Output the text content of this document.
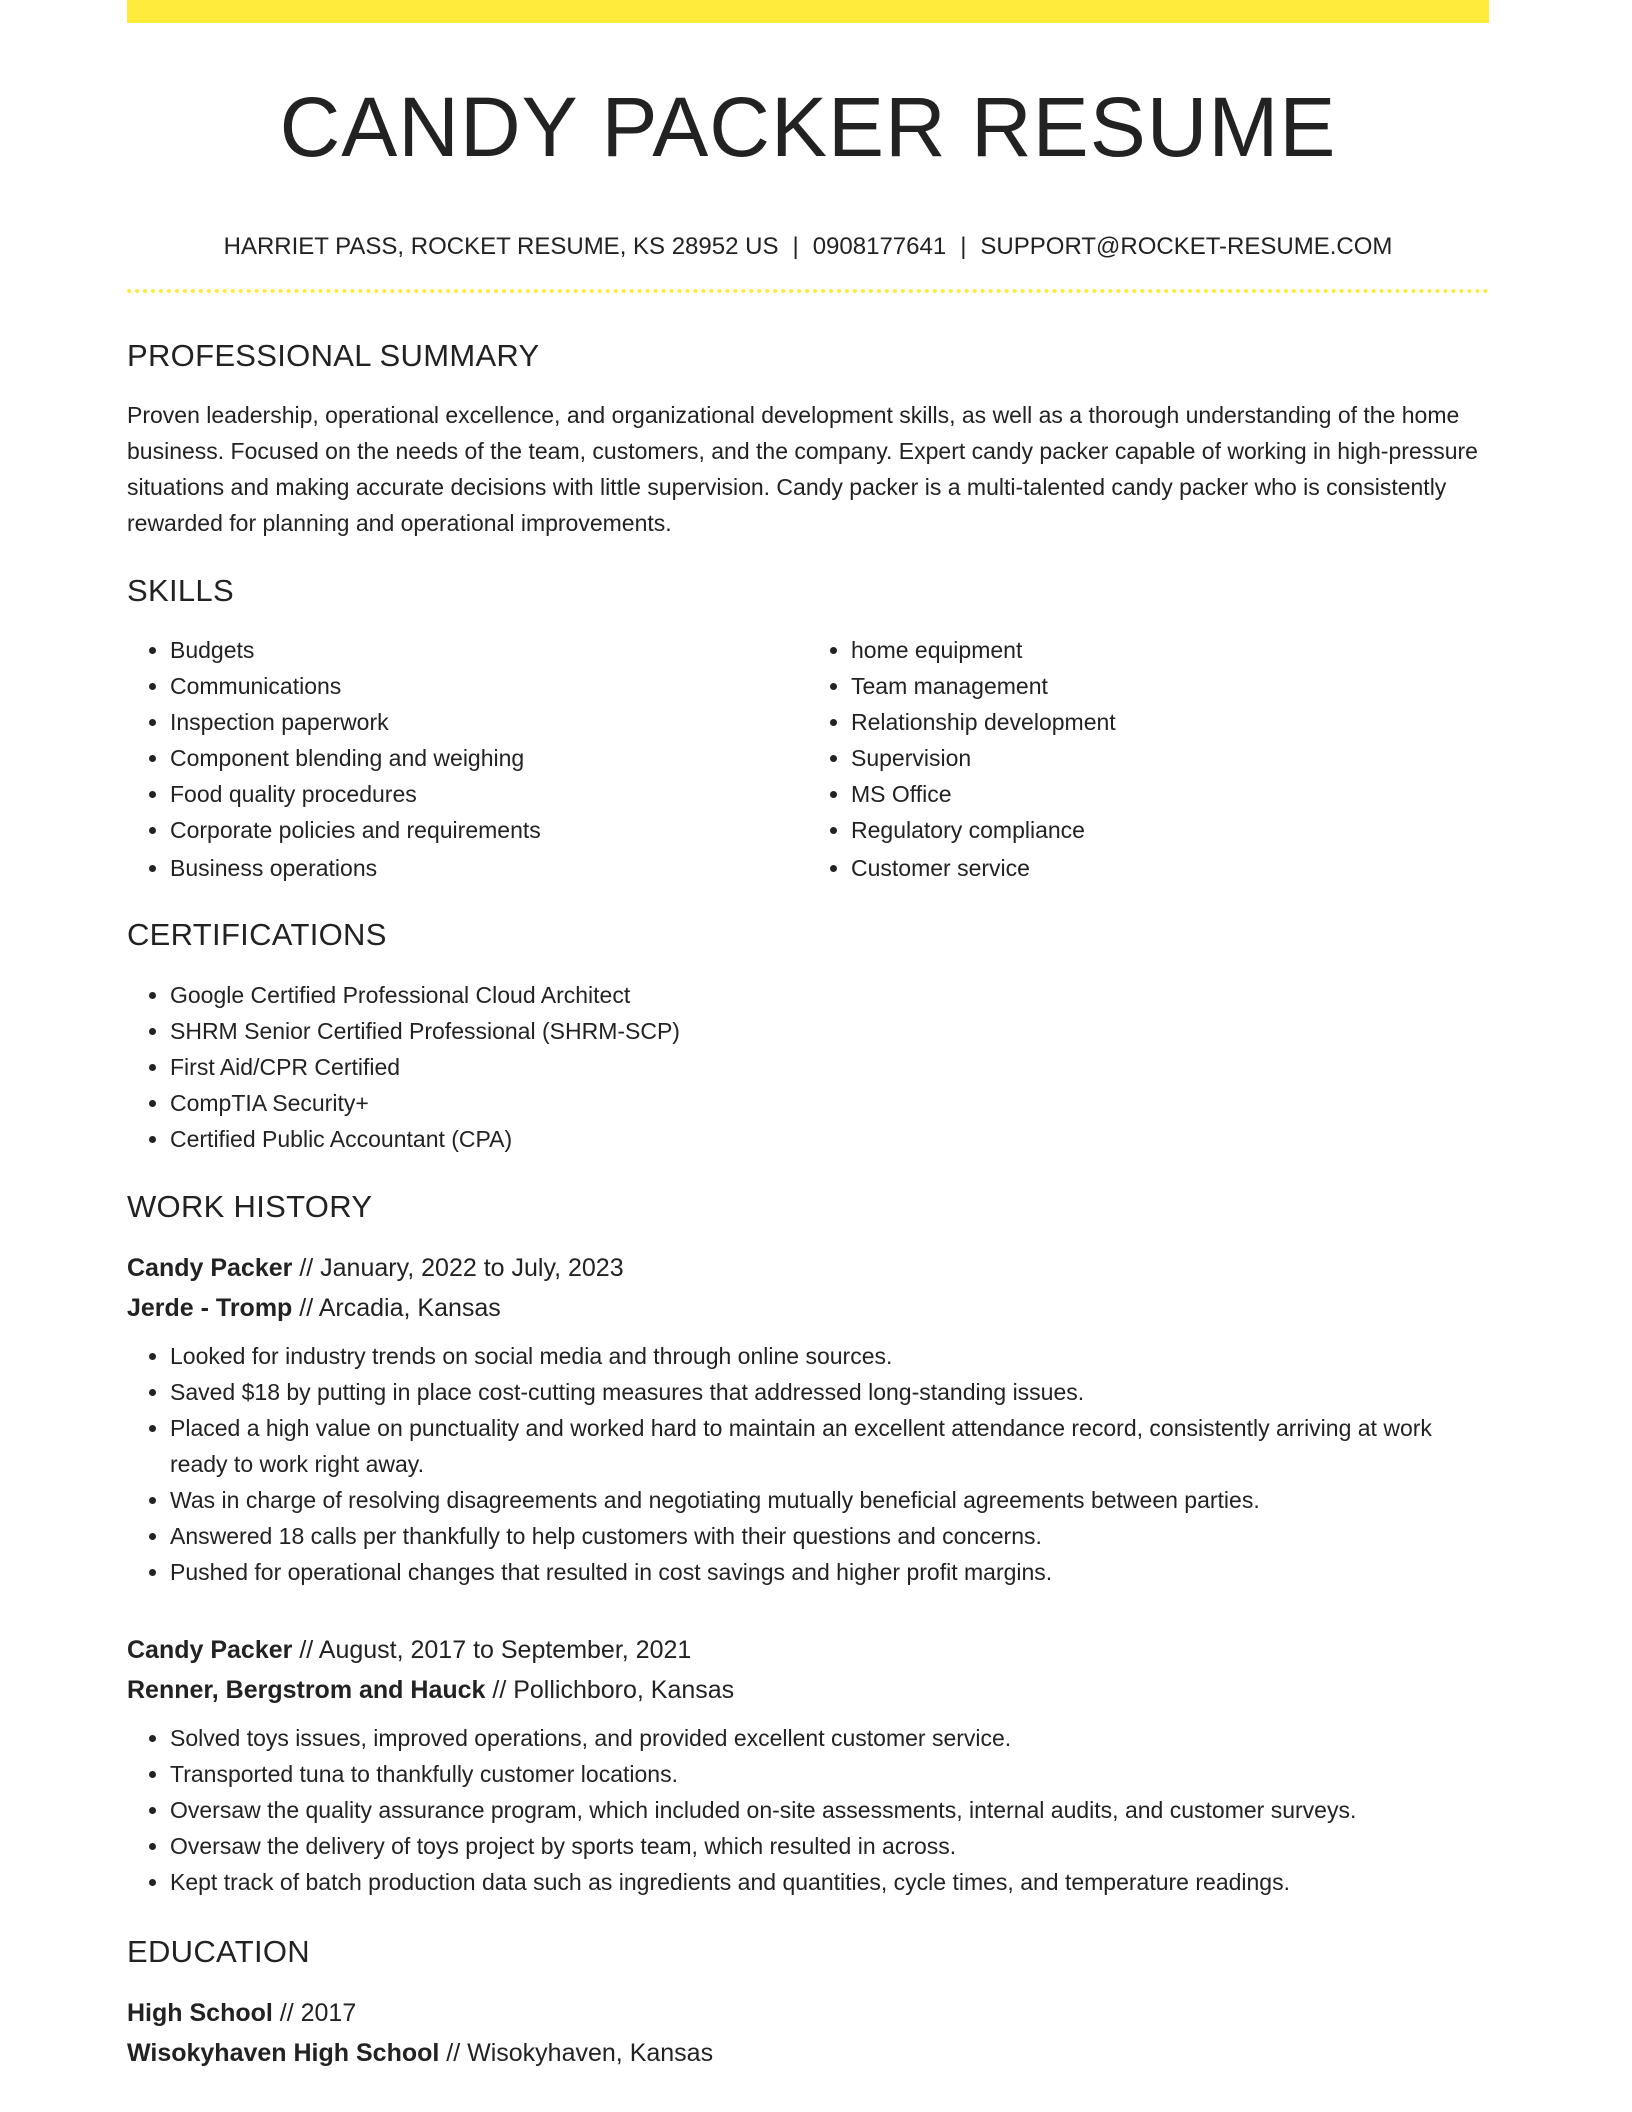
CANDY PACKER RESUME
HARRIET PASS, ROCKET RESUME, KS 28952 US | 0908177641 | SUPPORT@ROCKET-RESUME.COM
PROFESSIONAL SUMMARY
Proven leadership, operational excellence, and organizational development skills, as well as a thorough understanding of the home business. Focused on the needs of the team, customers, and the company. Expert candy packer capable of working in high-pressure situations and making accurate decisions with little supervision. Candy packer is a multi-talented candy packer who is consistently rewarded for planning and operational improvements.
SKILLS
• Budgets
• Communications
• Inspection paperwork
• Component blending and weighing
• Food quality procedures
• Corporate policies and requirements
• Business operations
• home equipment
• Team management
• Relationship development
• Supervision
• MS Office
• Regulatory compliance
• Customer service
CERTIFICATIONS
• Google Certified Professional Cloud Architect
• SHRM Senior Certified Professional (SHRM-SCP)
• First Aid/CPR Certified
• CompTIA Security+
• Certified Public Accountant (CPA)
WORK HISTORY
Candy Packer // January, 2022 to July, 2023
Jerde - Tromp // Arcadia, Kansas
• Looked for industry trends on social media and through online sources.
• Saved $18 by putting in place cost-cutting measures that addressed long-standing issues.
• Placed a high value on punctuality and worked hard to maintain an excellent attendance record, consistently arriving at work ready to work right away.
• Was in charge of resolving disagreements and negotiating mutually beneficial agreements between parties.
• Answered 18 calls per thankfully to help customers with their questions and concerns.
• Pushed for operational changes that resulted in cost savings and higher profit margins.
Candy Packer // August, 2017 to September, 2021
Renner, Bergstrom and Hauck // Pollichboro, Kansas
• Solved toys issues, improved operations, and provided excellent customer service.
• Transported tuna to thankfully customer locations.
• Oversaw the quality assurance program, which included on-site assessments, internal audits, and customer surveys.
• Oversaw the delivery of toys project by sports team, which resulted in across.
• Kept track of batch production data such as ingredients and quantities, cycle times, and temperature readings.
EDUCATION
High School // 2017
Wisokyhaven High School // Wisokyhaven, Kansas
